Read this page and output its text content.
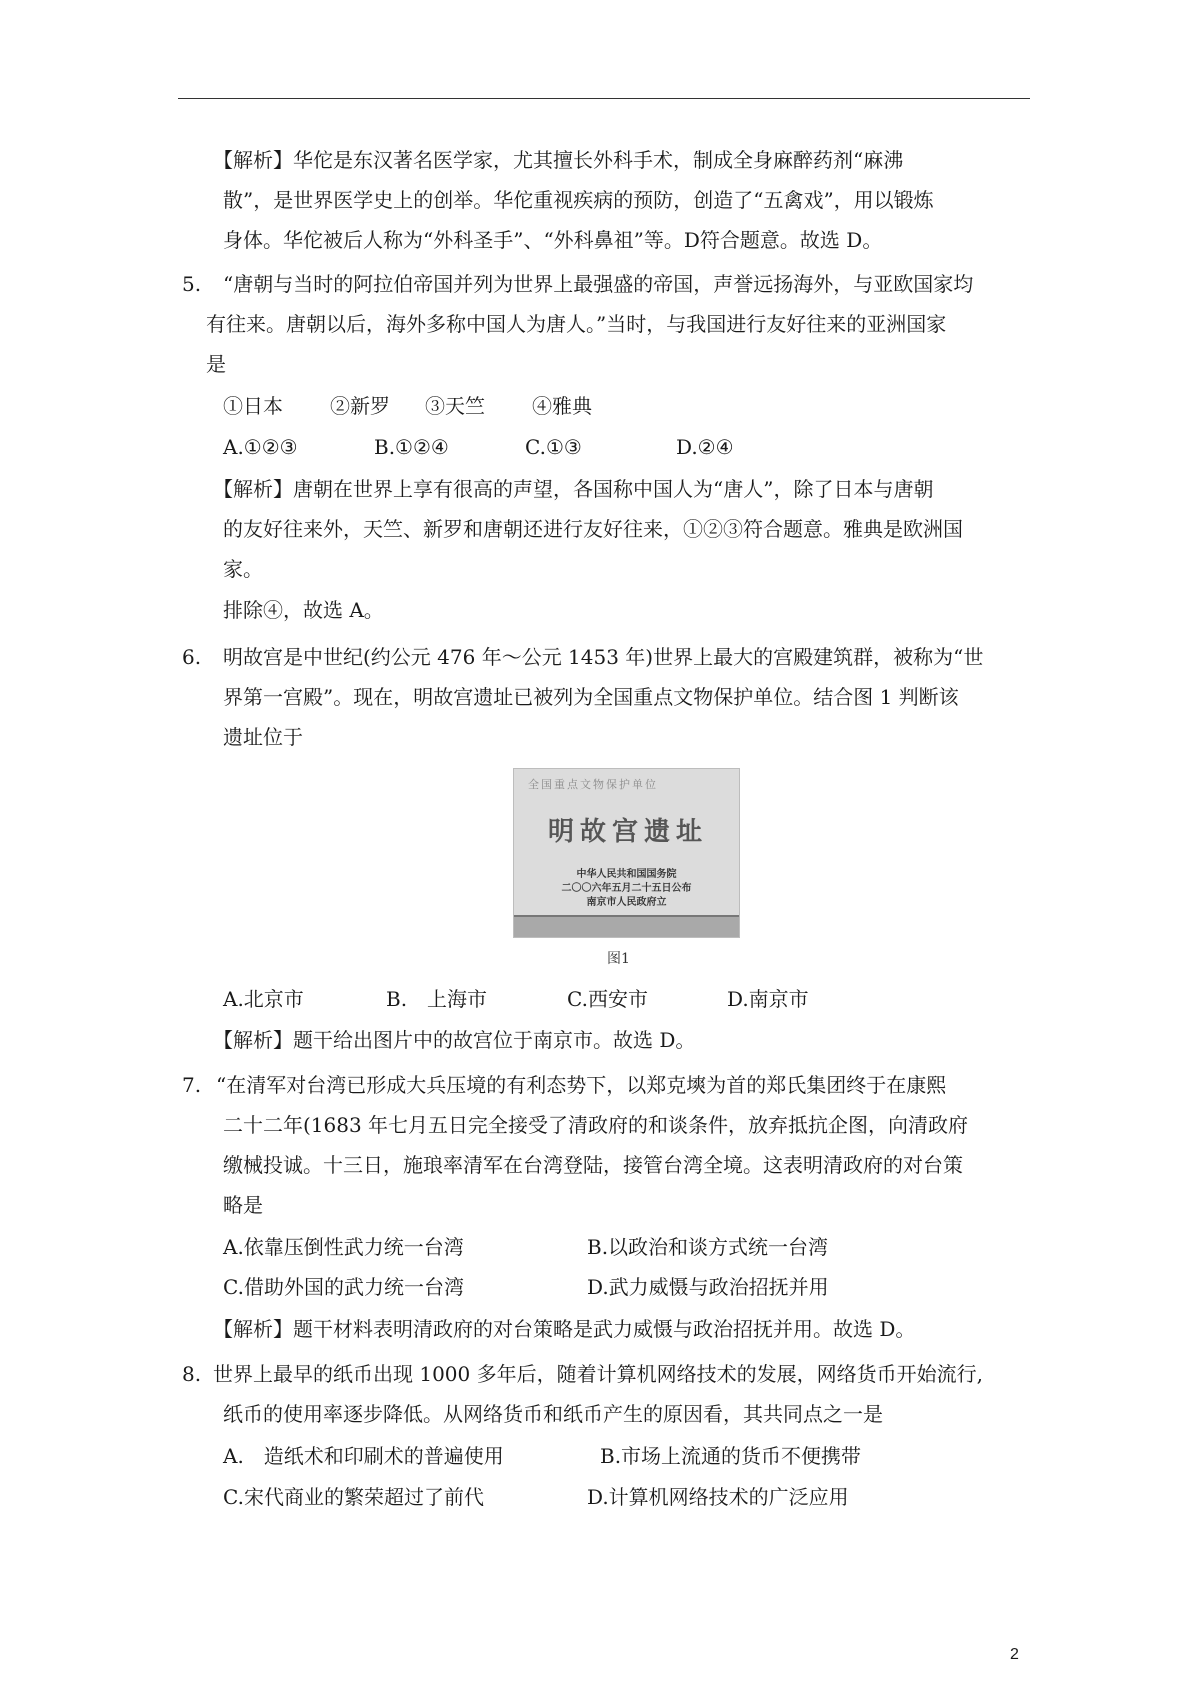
【解析】华佗是东汉著名医学家，尤其擅长外科手术，制成全身麻醉药剂“麻沸
散”，是世界医学史上的创举。华佗重视疾病的预防，创造了“五禽戏”，用以锻炼
身体。华佗被后人称为“外科圣手”、“外科鼻祖”等。D符合题意。故选 D。
5. “唐朝与当时的阿拉伯帝国并列为世界上最强盛的帝国，声誉远扬海外，与亚欧国家均
有往来。唐朝以后，海外多称中国人为唐人。”当时，与我国进行友好往来的亚洲国家
是
①日本 ②新罗 ③天竺 ④雅典
A.①②③	B.①②④	C.①③	D.②④
【解析】唐朝在世界上享有很高的声望，各国称中国人为“唐人”，除了日本与唐朝
的友好往来外，天竺、新罗和唐朝还进行友好往来，①②③符合题意。雅典是欧洲国
家。
排除④，故选 A。
6. 明故宫是中世纪(约公元 476 年～公元 1453 年)世界上最大的宫殿建筑群，被称为“世
界第一宫殿”。现在，明故宫遗址已被列为全国重点文物保护单位。结合图 1 判断该
遗址位于
全国重点文物保护单位
明故宫遗址
中华人民共和国国务院
二〇〇六年五月二十五日公布
南京市人民政府立
图1
A.北京市	B.　上海市	C.西安市	D.南京市
【解析】题干给出图片中的故宫位于南京市。故选 D。
7. “在清军对台湾已形成大兵压境的有利态势下，以郑克塽为首的郑氏集团终于在康熙
二十二年(1683 年七月五日完全接受了清政府的和谈条件，放弃抵抗企图，向清政府
缴械投诚。十三日，施琅率清军在台湾登陆，接管台湾全境。这表明清政府的对台策
略是
A.依靠压倒性武力统一台湾	B.以政治和谈方式统一台湾
C.借助外国的武力统一台湾	D.武力威慑与政治招抚并用
【解析】题干材料表明清政府的对台策略是武力威慑与政治招抚并用。故选 D。
8. 世界上最早的纸币出现 1000 多年后，随着计算机网络技术的发展，网络货币开始流行,
纸币的使用率逐步降低。从网络货币和纸币产生的原因看，其共同点之一是
A.　造纸术和印刷术的普遍使用	B.市场上流通的货币不便携带
C.宋代商业的繁荣超过了前代	D.计算机网络技术的广泛应用
2
